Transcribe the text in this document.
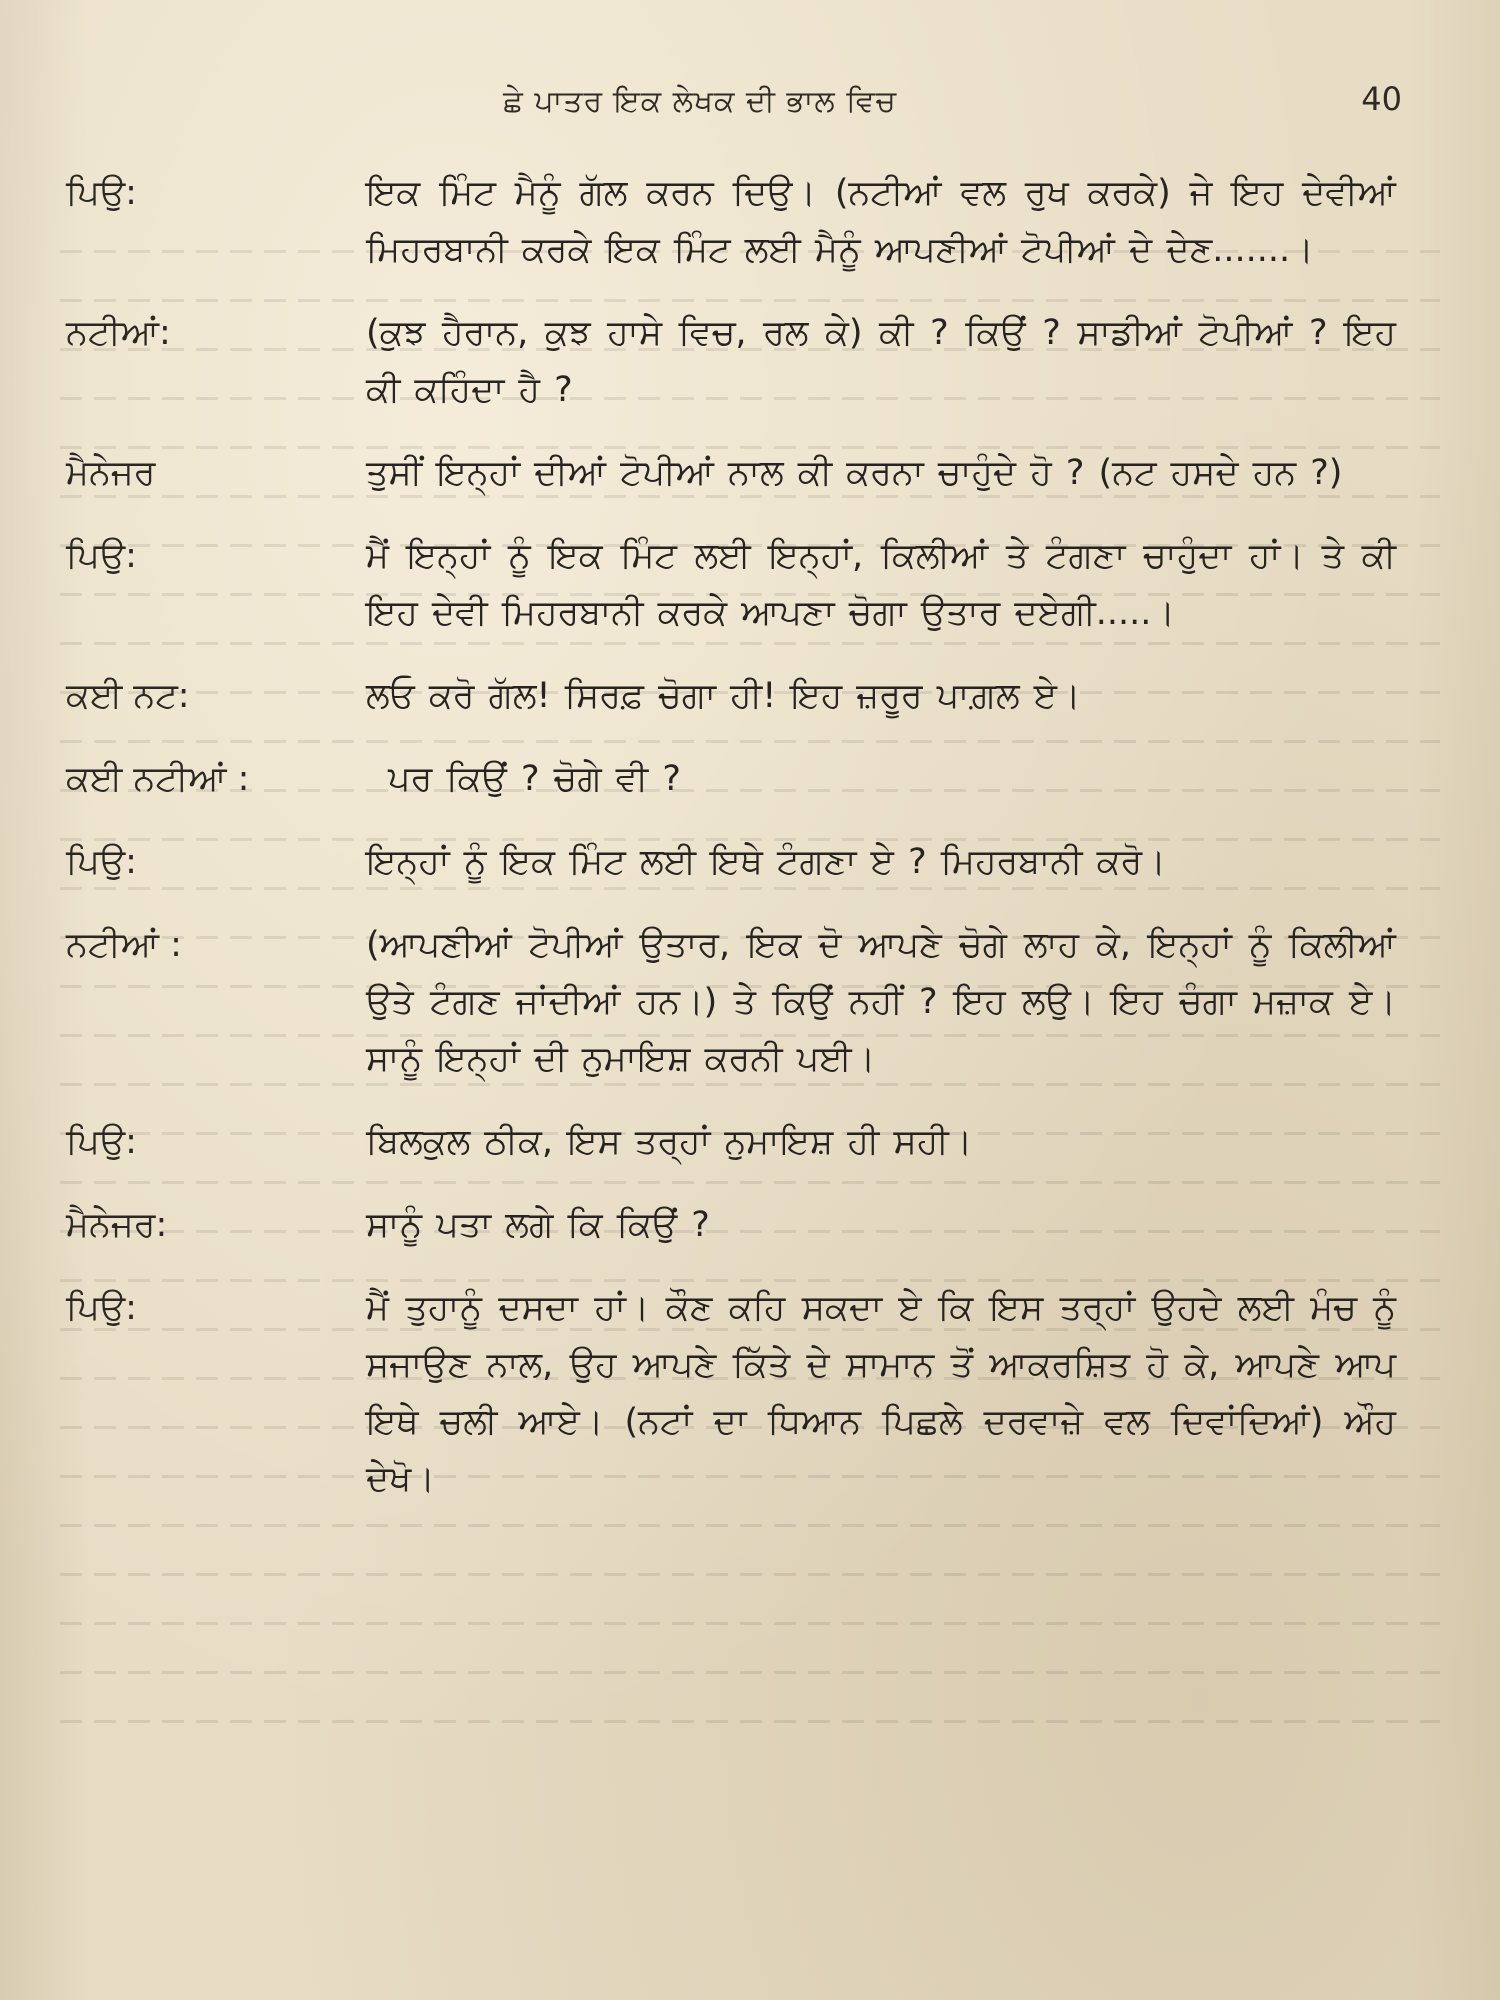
ਛੇ ਪਾਤਰ ਇਕ ਲੇਖਕ ਦੀ ਭਾਲ ਵਿਚ	40
ਪਿਉ:	ਇਕ ਮਿੰਟ ਮੈਨੂੰ ਗੱਲ ਕਰਨ ਦਿਉ। (ਨਟੀਆਂ ਵਲ ਰੁਖ ਕਰਕੇ) ਜੇ ਇਹ ਦੇਵੀਆਂ ਮਿਹਰਬਾਨੀ ਕਰਕੇ ਇਕ ਮਿੰਟ ਲਈ ਮੈਨੂੰ ਆਪਣੀਆਂ ਟੋਪੀਆਂ ਦੇ ਦੇਣ.......।
ਨਟੀਆਂ:	(ਕੁਝ ਹੈਰਾਨ, ਕੁਝ ਹਾਸੇ ਵਿਚ, ਰਲ ਕੇ) ਕੀ ? ਕਿਉਂ ? ਸਾਡੀਆਂ ਟੋਪੀਆਂ ? ਇਹ ਕੀ ਕਹਿੰਦਾ ਹੈ ?
ਮੈਨੇਜਰ	ਤੁਸੀਂ ਇਨ੍ਹਾਂ ਦੀਆਂ ਟੋਪੀਆਂ ਨਾਲ ਕੀ ਕਰਨਾ ਚਾਹੁੰਦੇ ਹੋ ? (ਨਟ ਹਸਦੇ ਹਨ ?)
ਪਿਉ:	ਮੈਂ ਇਨ੍ਹਾਂ ਨੂੰ ਇਕ ਮਿੰਟ ਲਈ ਇਨ੍ਹਾਂ, ਕਿਲੀਆਂ ਤੇ ਟੰਗਣਾ ਚਾਹੁੰਦਾ ਹਾਂ। ਤੇ ਕੀ ਇਹ ਦੇਵੀ ਮਿਹਰਬਾਨੀ ਕਰਕੇ ਆਪਣਾ ਚੋਗਾ ਉਤਾਰ ਦਏਗੀ.....।
ਕਈ ਨਟ:	ਲਓ ਕਰੋ ਗੱਲ! ਸਿਰਫ਼ ਚੋਗਾ ਹੀ! ਇਹ ਜ਼ਰੂਰ ਪਾਗ਼ਲ ਏ।
ਕਈ ਨਟੀਆਂ :	ਪਰ ਕਿਉਂ ? ਚੋਗੇ ਵੀ ?
ਪਿਉ:	ਇਨ੍ਹਾਂ ਨੂੰ ਇਕ ਮਿੰਟ ਲਈ ਇਥੇ ਟੰਗਣਾ ਏ ? ਮਿਹਰਬਾਨੀ ਕਰੋ।
ਨਟੀਆਂ :	(ਆਪਣੀਆਂ ਟੋਪੀਆਂ ਉਤਾਰ, ਇਕ ਦੋ ਆਪਣੇ ਚੋਗੇ ਲਾਹ ਕੇ, ਇਨ੍ਹਾਂ ਨੂੰ ਕਿਲੀਆਂ ਉਤੇ ਟੰਗਣ ਜਾਂਦੀਆਂ ਹਨ।) ਤੇ ਕਿਉਂ ਨਹੀਂ ? ਇਹ ਲਉ। ਇਹ ਚੰਗਾ ਮਜ਼ਾਕ ਏ। ਸਾਨੂੰ ਇਨ੍ਹਾਂ ਦੀ ਨੁਮਾਇਸ਼ ਕਰਨੀ ਪਈ।
ਪਿਉ:	ਬਿਲਕੁਲ ਠੀਕ, ਇਸ ਤਰ੍ਹਾਂ ਨੁਮਾਇਸ਼ ਹੀ ਸਹੀ।
ਮੈਨੇਜਰ:	ਸਾਨੂੰ ਪਤਾ ਲਗੇ ਕਿ ਕਿਉਂ ?
ਪਿਉ:	ਮੈਂ ਤੁਹਾਨੂੰ ਦਸਦਾ ਹਾਂ। ਕੌਣ ਕਹਿ ਸਕਦਾ ਏ ਕਿ ਇਸ ਤਰ੍ਹਾਂ ਉਹਦੇ ਲਈ ਮੰਚ ਨੂੰ ਸਜਾਉਣ ਨਾਲ, ਉਹ ਆਪਣੇ ਕਿੱਤੇ ਦੇ ਸਾਮਾਨ ਤੋਂ ਆਕਰਸ਼ਿਤ ਹੋ ਕੇ, ਆਪਣੇ ਆਪ ਇਥੇ ਚਲੀ ਆਏ। (ਨਟਾਂ ਦਾ ਧਿਆਨ ਪਿਛਲੇ ਦਰਵਾਜ਼ੇ ਵਲ ਦਿਵਾਂਦਿਆਂ) ਔਹ ਦੇਖੋ।
